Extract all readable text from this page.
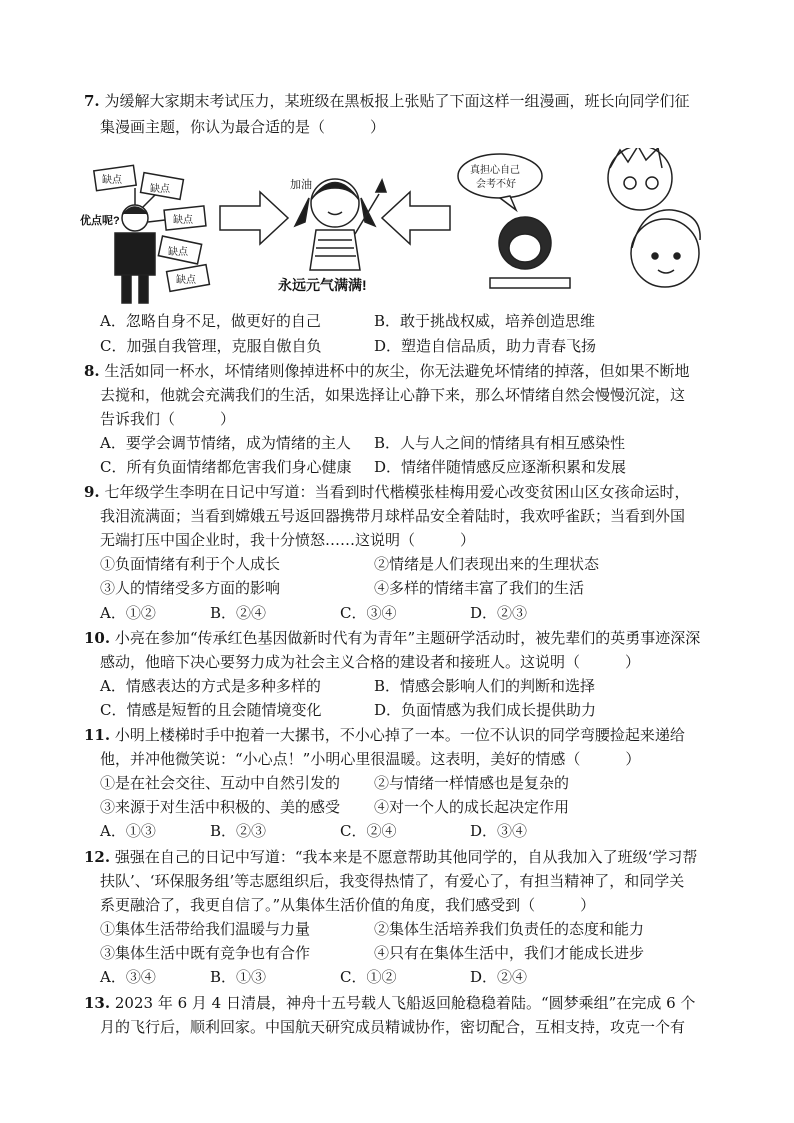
7. 为缓解大家期末考试压力，某班级在黑板报上张贴了下面这样一组漫画，班长向同学们征
集漫画主题，你认为最合适的是（　　　）
缺点
缺点
缺点
缺点
缺点
优点呢?
加油
永远元气满满!
真担心自己
会考不好
A．忽略自身不足，做更好的自己	B．敢于挑战权威，培养创造思维
C．加强自我管理，克服自傲自负	D．塑造自信品质，助力青春飞扬
8. 生活如同一杯水，坏情绪则像掉进杯中的灰尘，你无法避免坏情绪的掉落，但如果不断地
去搅和，他就会充满我们的生活，如果选择让心静下来，那么坏情绪自然会慢慢沉淀，这
告诉我们（　　　）
A．要学会调节情绪，成为情绪的主人 B．人与人之间的情绪具有相互感染性
C．所有负面情绪都危害我们身心健康 D．情绪伴随情感反应逐渐积累和发展
9. 七年级学生李明在日记中写道：当看到时代楷模张桂梅用爱心改变贫困山区女孩命运时，
我泪流满面；当看到嫦娥五号返回器携带月球样品安全着陆时，我欢呼雀跃；当看到外国
无端打压中国企业时，我十分愤怒……这说明（　　　）
①负面情绪有利于个人成长	②情绪是人们表现出来的生理状态
③人的情绪受多方面的影响	④多样的情绪丰富了我们的生活
A．①②	B．②④	C．③④	D．②③
10. 小亮在参加“传承红色基因做新时代有为青年”主题研学活动时，被先辈们的英勇事迹深深
感动，他暗下决心要努力成为社会主义合格的建设者和接班人。这说明（　　　）
A．情感表达的方式是多种多样的	B．情感会影响人们的判断和选择
C．情感是短暂的且会随情境变化	D．负面情感为我们成长提供助力
11. 小明上楼梯时手中抱着一大摞书，不小心掉了一本。一位不认识的同学弯腰捡起来递给
他，并冲他微笑说：“小心点！”小明心里很温暖。这表明，美好的情感（　　　）
①是在社会交往、互动中自然引发的 ②与情绪一样情感也是复杂的
③来源于对生活中积极的、美的感受 ④对一个人的成长起决定作用
A．①③	B．②③	C．②④	D．③④
12. 强强在自己的日记中写道：“我本来是不愿意帮助其他同学的，自从我加入了班级‘学习帮
扶队’、‘环保服务组’等志愿组织后，我变得热情了，有爱心了，有担当精神了，和同学关
系更融洽了，我更自信了。”从集体生活价值的角度，我们感受到（　　　）
①集体生活带给我们温暖与力量	②集体生活培养我们负责任的态度和能力
③集体生活中既有竞争也有合作	④只有在集体生活中，我们才能成长进步
A．③④	B．①③	C．①②	D．②④
13. 2023 年 6 月 4 日清晨，神舟十五号载人飞船返回舱稳稳着陆。“圆梦乘组”在完成 6 个
月的飞行后，顺利回家。中国航天研究成员精诚协作，密切配合，互相支持，攻克一个有
